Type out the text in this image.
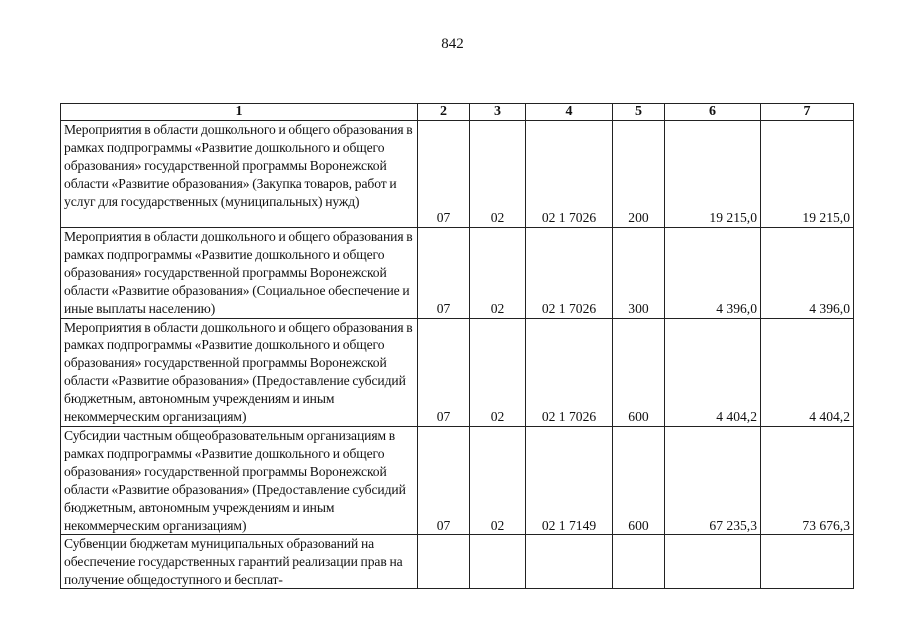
842
1	2	3	4	5	6	7
Мероприятия в области дошкольного и общего образования в рамках подпрограммы «Развитие дошкольного и общего образования» государственной программы Воронежской области «Развитие образования» (Закупка товаров, работ и услуг для государственных (муниципальных) нужд)	07	02	02 1 7026	200	19 215,0	19 215,0
Мероприятия в области дошкольного и общего образования в рамках подпрограммы «Развитие дошкольного и общего образования» государственной программы Воронежской области «Развитие образования» (Социальное обеспечение и иные выплаты населению)	07	02	02 1 7026	300	4 396,0	4 396,0
Мероприятия в области дошкольного и общего образования в рамках подпрограммы «Развитие дошкольного и общего образования» государственной программы Воронежской области «Развитие образования» (Предоставление субсидий бюджетным, автономным учреждениям и иным некоммерческим организациям)	07	02	02 1 7026	600	4 404,2	4 404,2
Субсидии частным общеобразовательным организациям в рамках подпрограммы «Развитие дошкольного и общего образования» государственной программы Воронежской области «Развитие образования» (Предоставление субсидий бюджетным, автономным учреждениям и иным некоммерческим организациям)	07	02	02 1 7149	600	67 235,3	73 676,3

Субвенции бюджетам муниципальных образований на обеспечение государственных гарантий реализации прав на получение общедоступного и бесплат-						
